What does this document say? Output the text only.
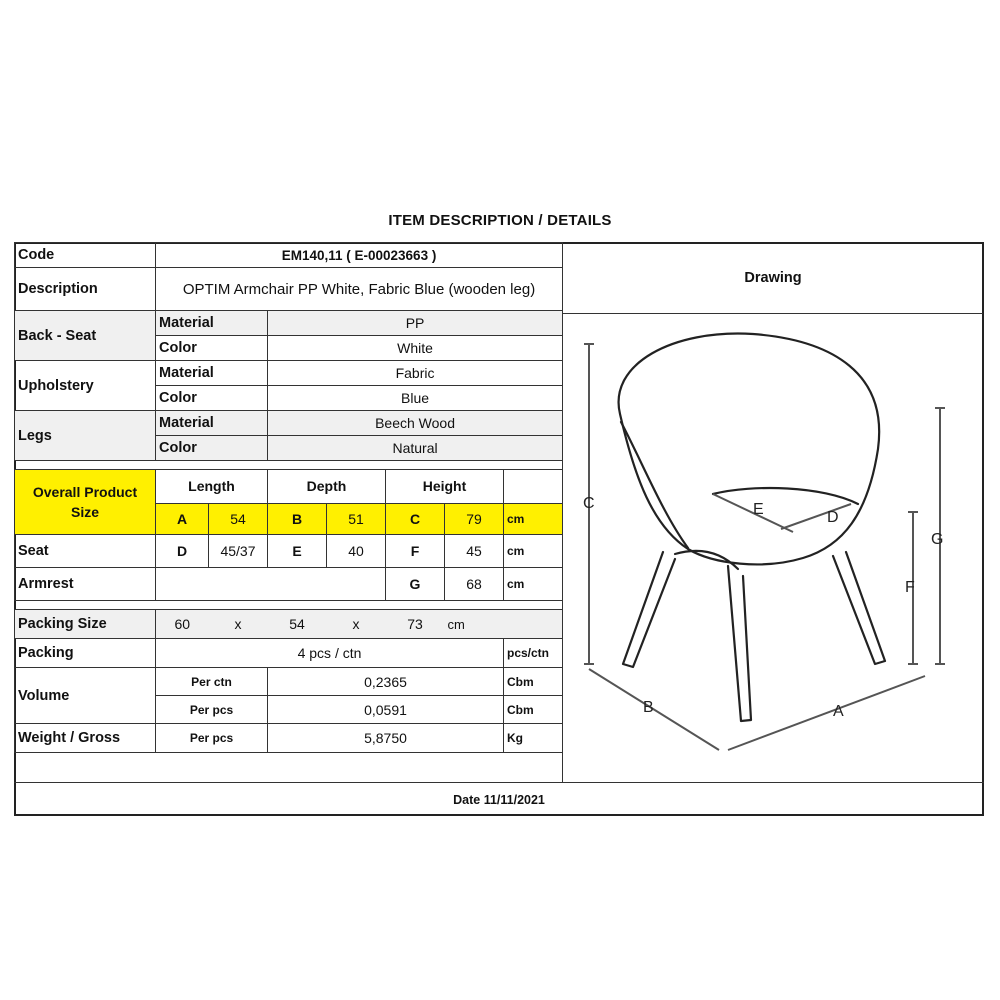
ITEM DESCRIPTION / DETAILS
Code	EM140,11 ( E-00023663 )						
Description	OPTIM Armchair PP White, Fabric Blue (wooden leg)						
Back - Seat	Material		PP				
	Color		White				
Upholstery	Material		Fabric				
	Color		Blue				
Legs	Material		Beech Wood				
	Color		Natural				

Overall Product
Size	Length		Depth		Height		
	A	54	B	51	C	79	cm
Seat	D	45/37	E	40	F	45	cm
Armrest					G	68	cm

Packing Size	60	x	54	x	73	cm	
Packing	4 pcs / ctn						pcs/ctn
Volume	Per ctn		0,2365				Cbm
	Per pcs		0,0591				Cbm
Weight / Gross	Per pcs		5,8750				Kg
Drawing
C
G
F
E	D
B	A
Date 11/11/2021
